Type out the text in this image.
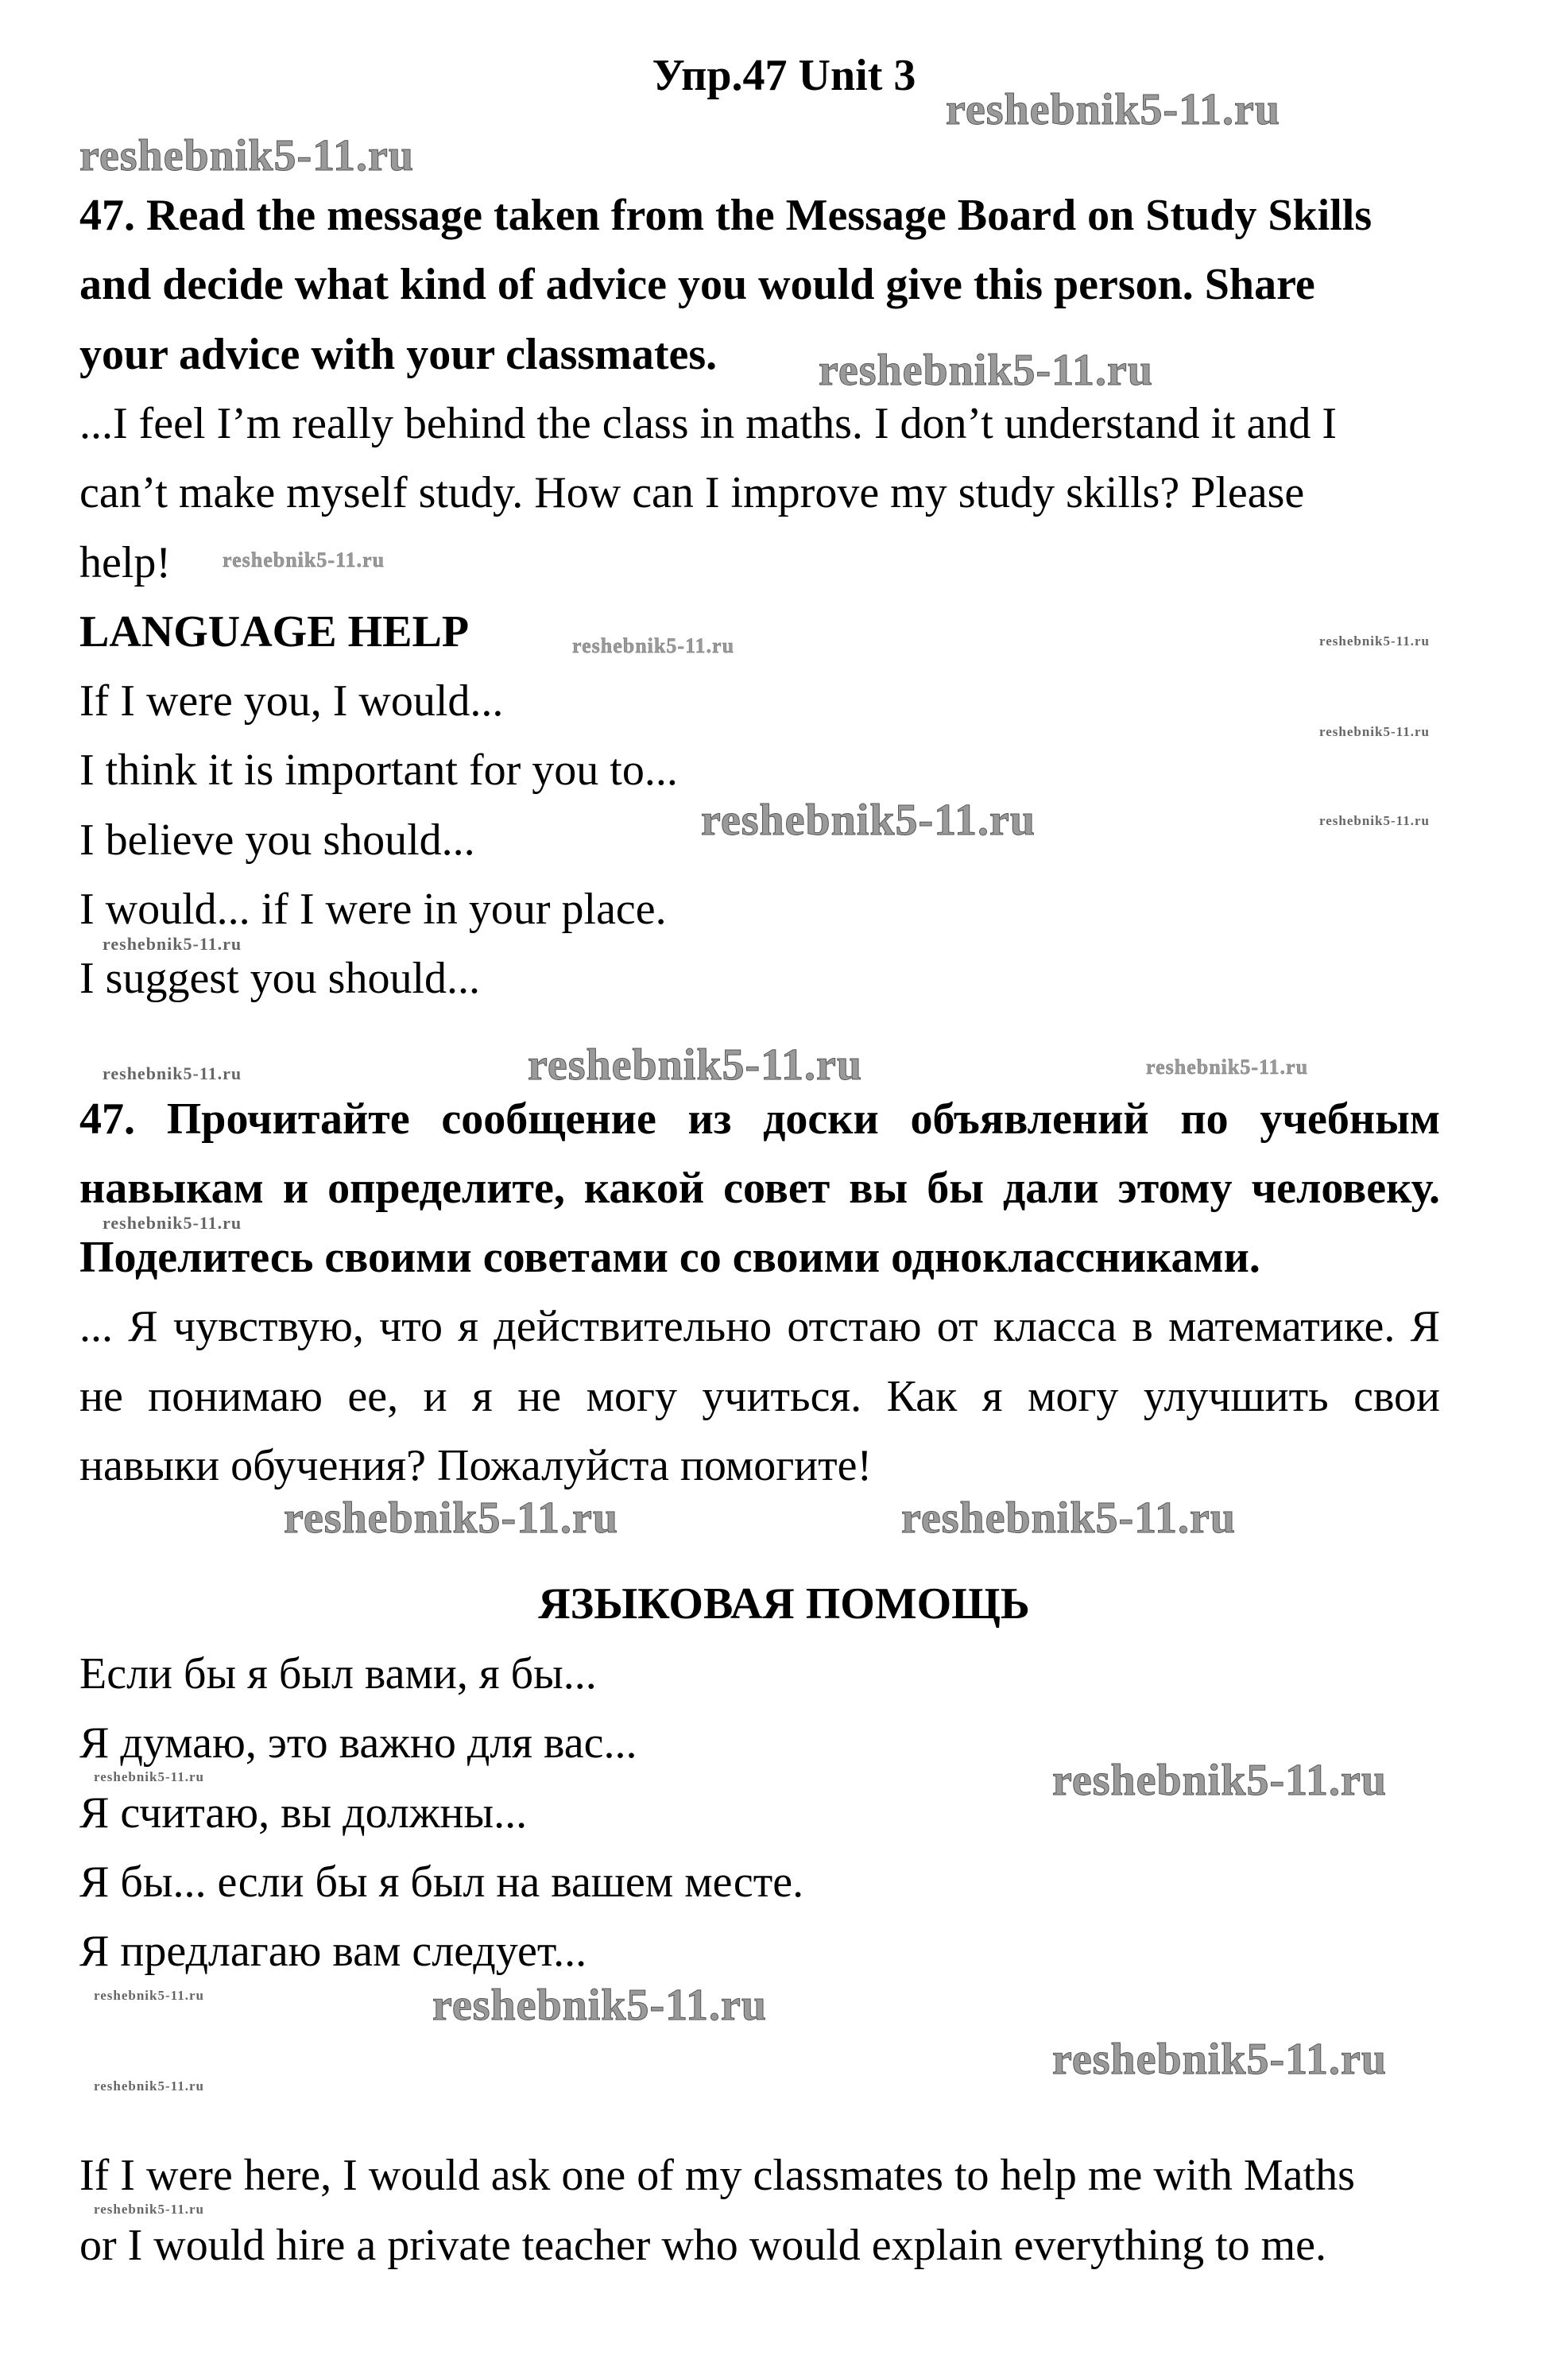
Упр.47 Unit 3
47. Read the message taken from the Message Board on Study Skills
and decide what kind of advice you would give this person. Share
your advice with your classmates.
...I feel I’m really behind the class in maths. I don’t understand it and I
can’t make myself study. How can I improve my study skills? Please
help!
LANGUAGE HELP
If I were you, I would...
I think it is important for you to...
I believe you should...
I would... if I were in your place.
I suggest you should...
47. Прочитайте сообщение из доски объявлений по учебным
навыкам и определите, какой совет вы бы дали этому человеку.
Поделитесь своими советами со своими одноклассниками.
... Я чувствую, что я действительно отстаю от класса в математике. Я
не понимаю ее, и я не могу учиться. Как я могу улучшить свои
навыки обучения? Пожалуйста помогите!
ЯЗЫКОВАЯ ПОМОЩЬ
Если бы я был вами, я бы...
Я думаю, это важно для вас...
Я считаю, вы должны...
Я бы... если бы я был на вашем месте.
Я предлагаю вам следует...
If I were here, I would ask one of my classmates to help me with Maths
or I would hire a private teacher who would explain everything to me.
reshebnik5-11.ru
reshebnik5-11.ru
reshebnik5-11.ru
reshebnik5-11.ru
reshebnik5-11.ru	reshebnik5-11.ru
reshebnik5-11.ru
reshebnik5-11.ru
reshebnik5-11.ru
reshebnik5-11.ru
reshebnik5-11.ru	reshebnik5-11.ru	reshebnik5-11.ru
reshebnik5-11.ru
reshebnik5-11.ru	reshebnik5-11.ru
reshebnik5-11.ru
reshebnik5-11.ru
reshebnik5-11.ru	reshebnik5-11.ru
reshebnik5-11.ru
reshebnik5-11.ru
reshebnik5-11.ru
